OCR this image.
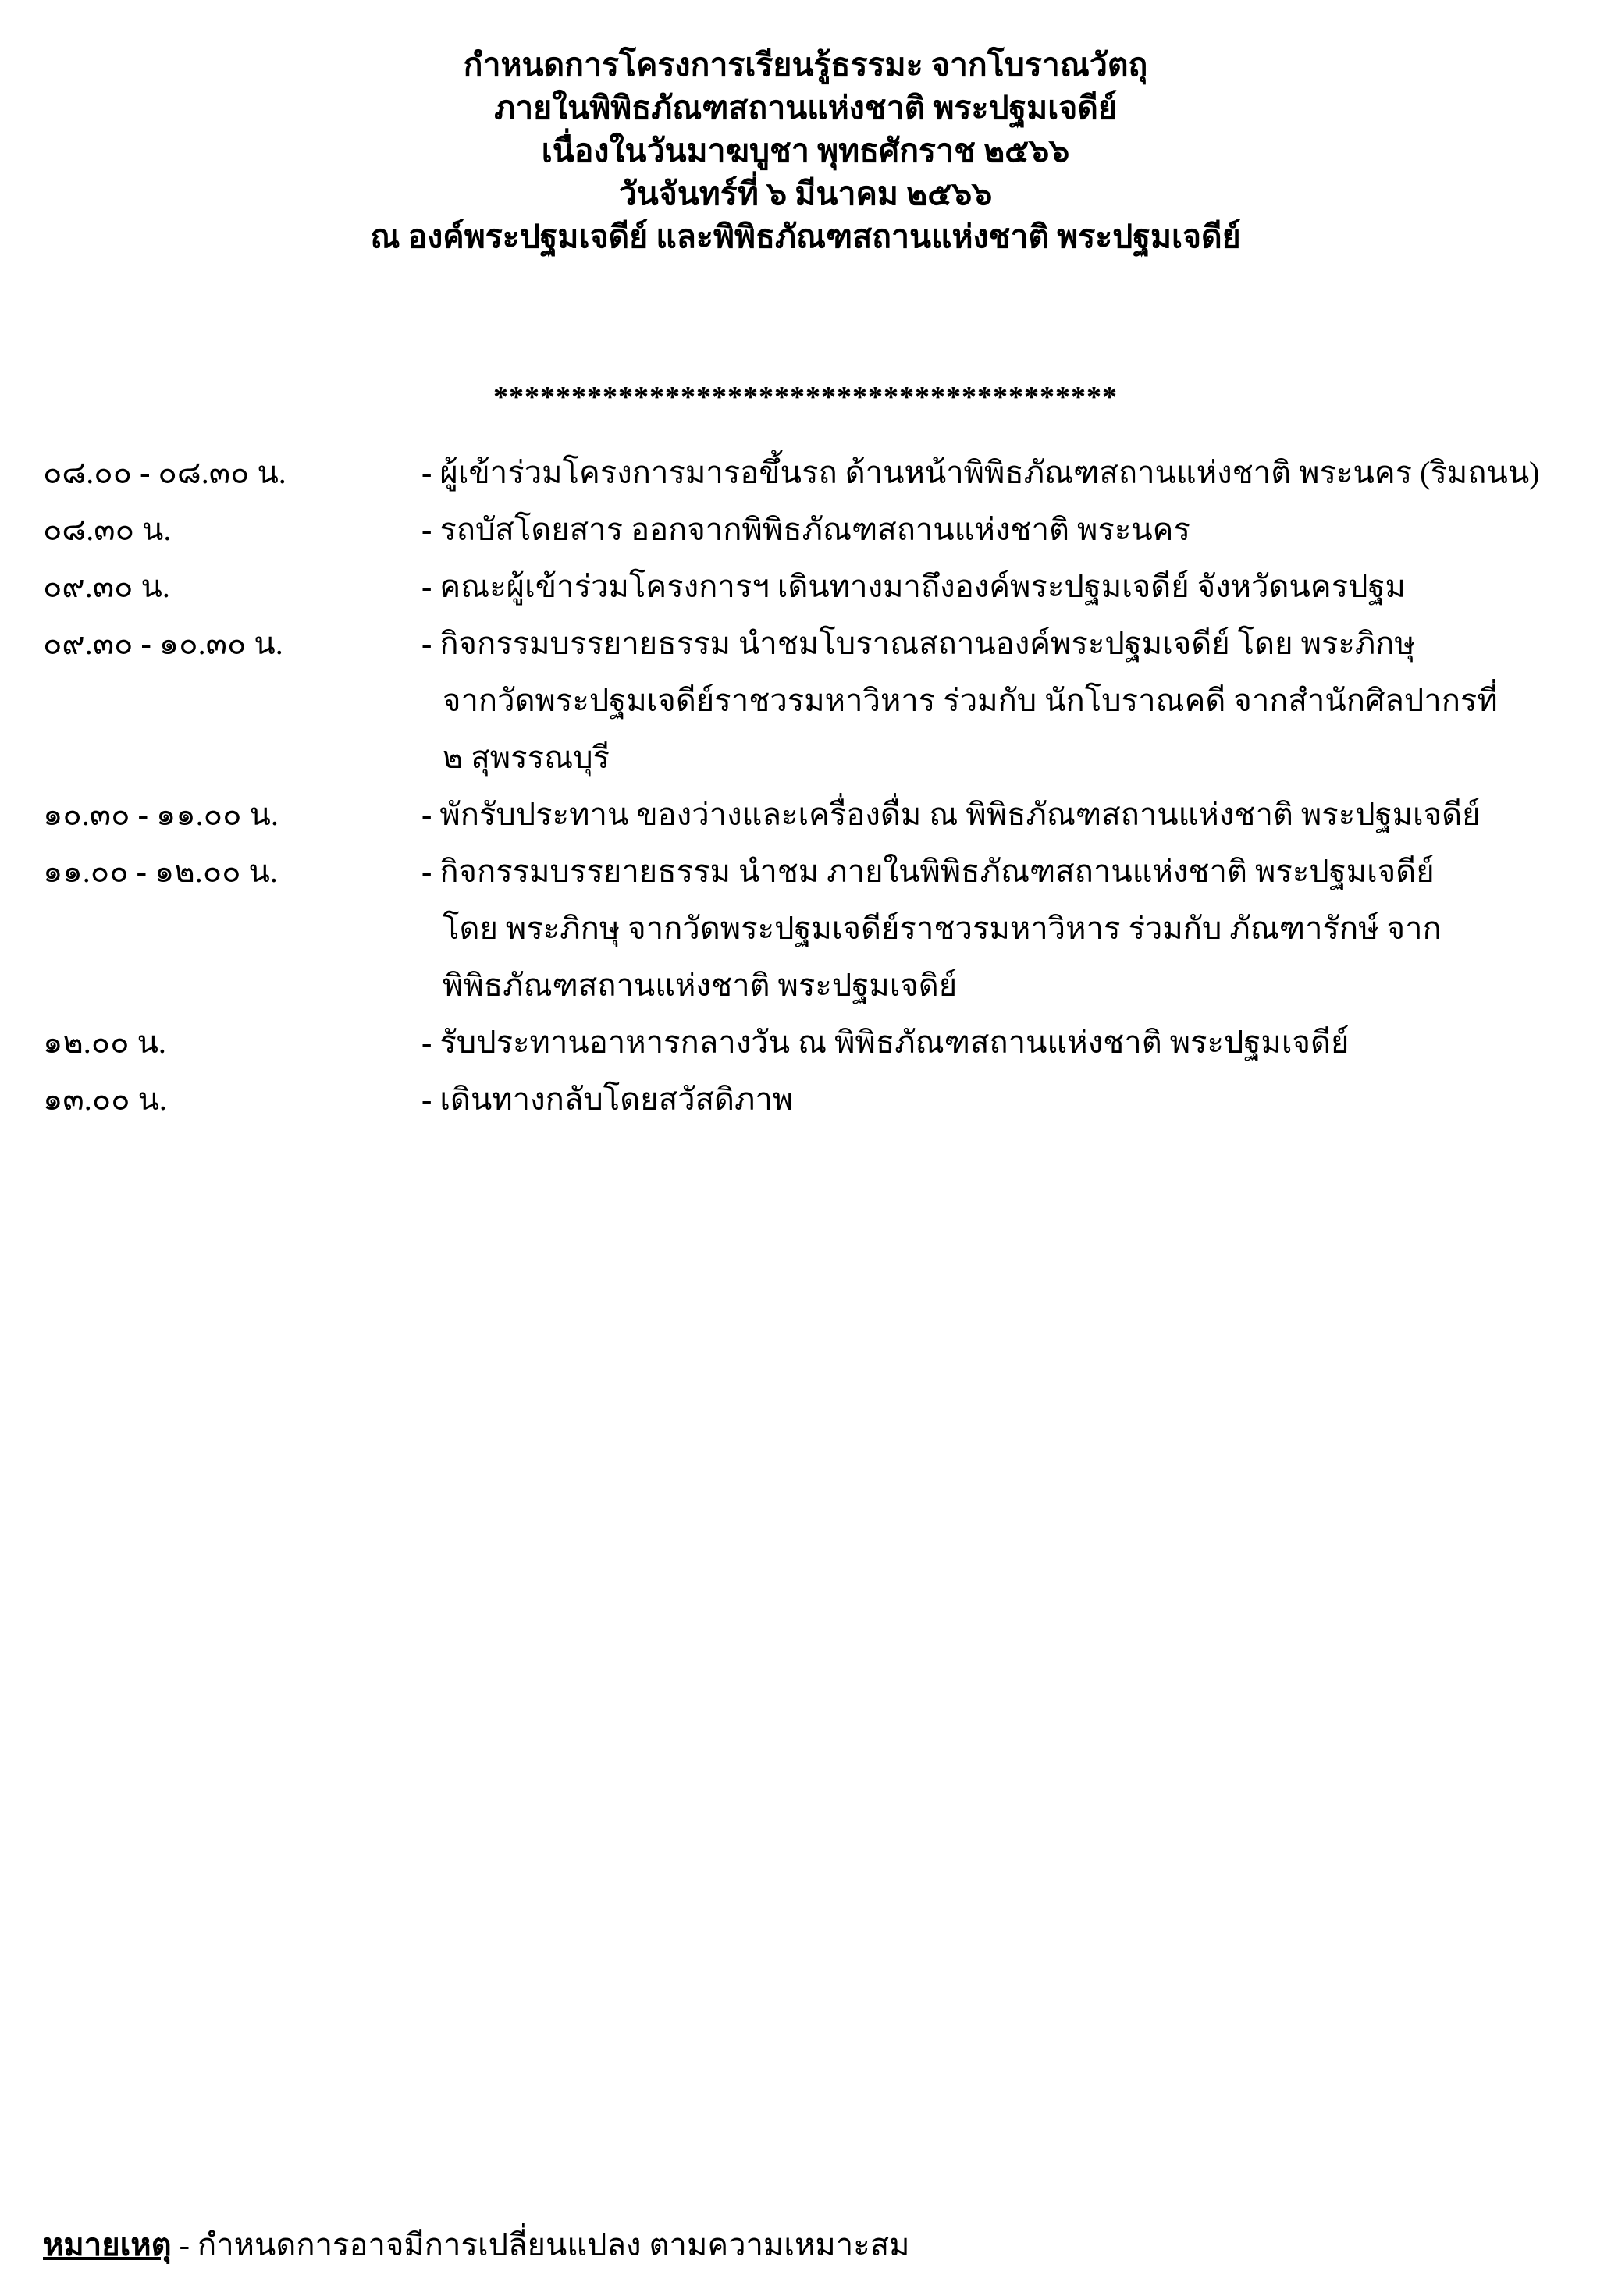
กำหนดการโครงการเรียนรู้ธรรมะ จากโบราณวัตถุ
ภายในพิพิธภัณฑสถานแห่งชาติ พระปฐมเจดีย์
เนื่องในวันมาฆบูชา พุทธศักราช ๒๕๖๖
วันจันทร์ที่ ๖ มีนาคม ๒๕๖๖
ณ องค์พระปฐมเจดีย์ และพิพิธภัณฑสถานแห่งชาติ พระปฐมเจดีย์
****************************************
๐๘.๐๐ - ๐๘.๓๐ น.	- ผู้เข้าร่วมโครงการมารอขึ้นรถ ด้านหน้าพิพิธภัณฑสถานแห่งชาติ พระนคร (ริมถนน)
๐๘.๓๐ น.	- รถบัสโดยสาร ออกจากพิพิธภัณฑสถานแห่งชาติ พระนคร
๐๙.๓๐ น.	- คณะผู้เข้าร่วมโครงการฯ เดินทางมาถึงองค์พระปฐมเจดีย์ จังหวัดนครปฐม
๐๙.๓๐ - ๑๐.๓๐ น.	- กิจกรรมบรรยายธรรม นำชมโบราณสถานองค์พระปฐมเจดีย์ โดย พระภิกษุ
จากวัดพระปฐมเจดีย์ราชวรมหาวิหาร ร่วมกับ นักโบราณคดี จากสำนักศิลปากรที่
๒ สุพรรณบุรี
๑๐.๓๐ - ๑๑.๐๐ น.	- พักรับประทาน ของว่างและเครื่องดื่ม ณ พิพิธภัณฑสถานแห่งชาติ พระปฐมเจดีย์
๑๑.๐๐ - ๑๒.๐๐ น.	- กิจกรรมบรรยายธรรม นำชม ภายในพิพิธภัณฑสถานแห่งชาติ พระปฐมเจดีย์
โดย พระภิกษุ จากวัดพระปฐมเจดีย์ราชวรมหาวิหาร ร่วมกับ ภัณฑารักษ์ จาก
พิพิธภัณฑสถานแห่งชาติ พระปฐมเจดิย์
๑๒.๐๐ น.	- รับประทานอาหารกลางวัน ณ พิพิธภัณฑสถานแห่งชาติ พระปฐมเจดีย์
๑๓.๐๐ น.	- เดินทางกลับโดยสวัสดิภาพ
หมายเหตุ - กำหนดการอาจมีการเปลี่ยนแปลง ตามความเหมาะสม
